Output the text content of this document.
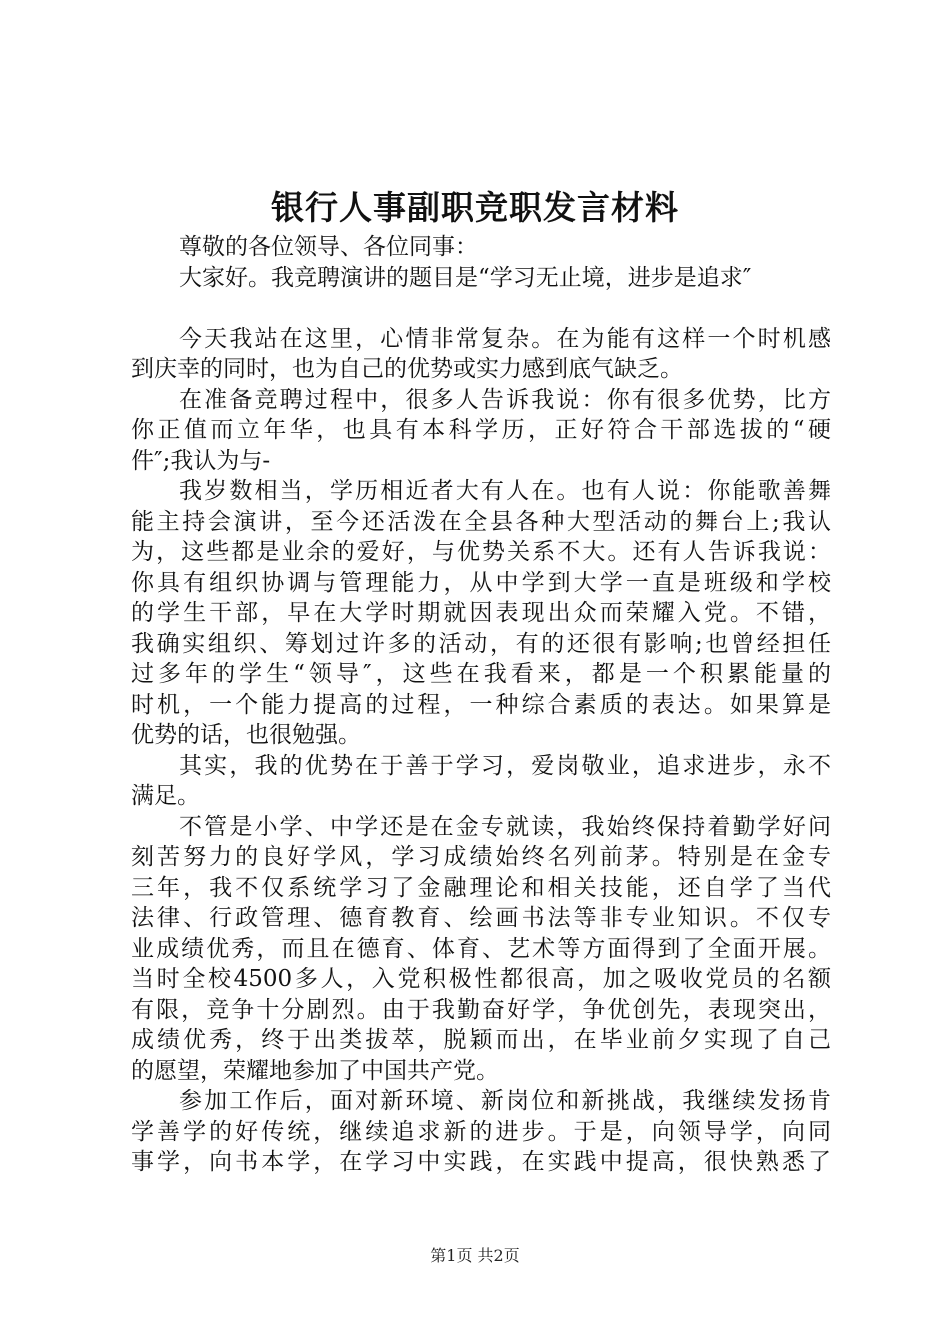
银行人事副职竞职发言材料
尊敬的各位领导、各位同事：
大家好。我竞聘演讲的题目是“学习无止境，进步是追求″
今天我站在这里，心情非常复杂。在为能有这样一个时机感
到庆幸的同时，也为自己的优势或实力感到底气缺乏。
在准备竞聘过程中，很多人告诉我说：你有很多优势，比方
你正值而立年华，也具有本科学历，正好符合干部选拔的“硬
件″;我认为与-
我岁数相当，学历相近者大有人在。也有人说：你能歌善舞
能主持会演讲，至今还活泼在全县各种大型活动的舞台上;我认
为，这些都是业余的爱好，与优势关系不大。还有人告诉我说：
你具有组织协调与管理能力，从中学到大学一直是班级和学校
的学生干部，早在大学时期就因表现出众而荣耀入党。不错，
我确实组织、筹划过许多的活动，有的还很有影响;也曾经担任
过多年的学生“领导″，这些在我看来，都是一个积累能量的
时机，一个能力提高的过程，一种综合素质的表达。如果算是
优势的话，也很勉强。
其实，我的优势在于善于学习，爱岗敬业，追求进步，永不
满足。
不管是小学、中学还是在金专就读，我始终保持着勤学好问
刻苦努力的良好学风，学习成绩始终名列前茅。特别是在金专
三年，我不仅系统学习了金融理论和相关技能，还自学了当代
法律、行政管理、德育教育、绘画书法等非专业知识。不仅专
业成绩优秀，而且在德育、体育、艺术等方面得到了全面开展。
当时全校4500多人，入党积极性都很高，加之吸收党员的名额
有限，竞争十分剧烈。由于我勤奋好学，争优创先，表现突出，
成绩优秀，终于出类拔萃，脱颖而出，在毕业前夕实现了自己
的愿望，荣耀地参加了中国共产党。
参加工作后，面对新环境、新岗位和新挑战，我继续发扬肯
学善学的好传统，继续追求新的进步。于是，向领导学，向同
事学，向书本学，在学习中实践，在实践中提高，很快熟悉了
第1页 共2页
